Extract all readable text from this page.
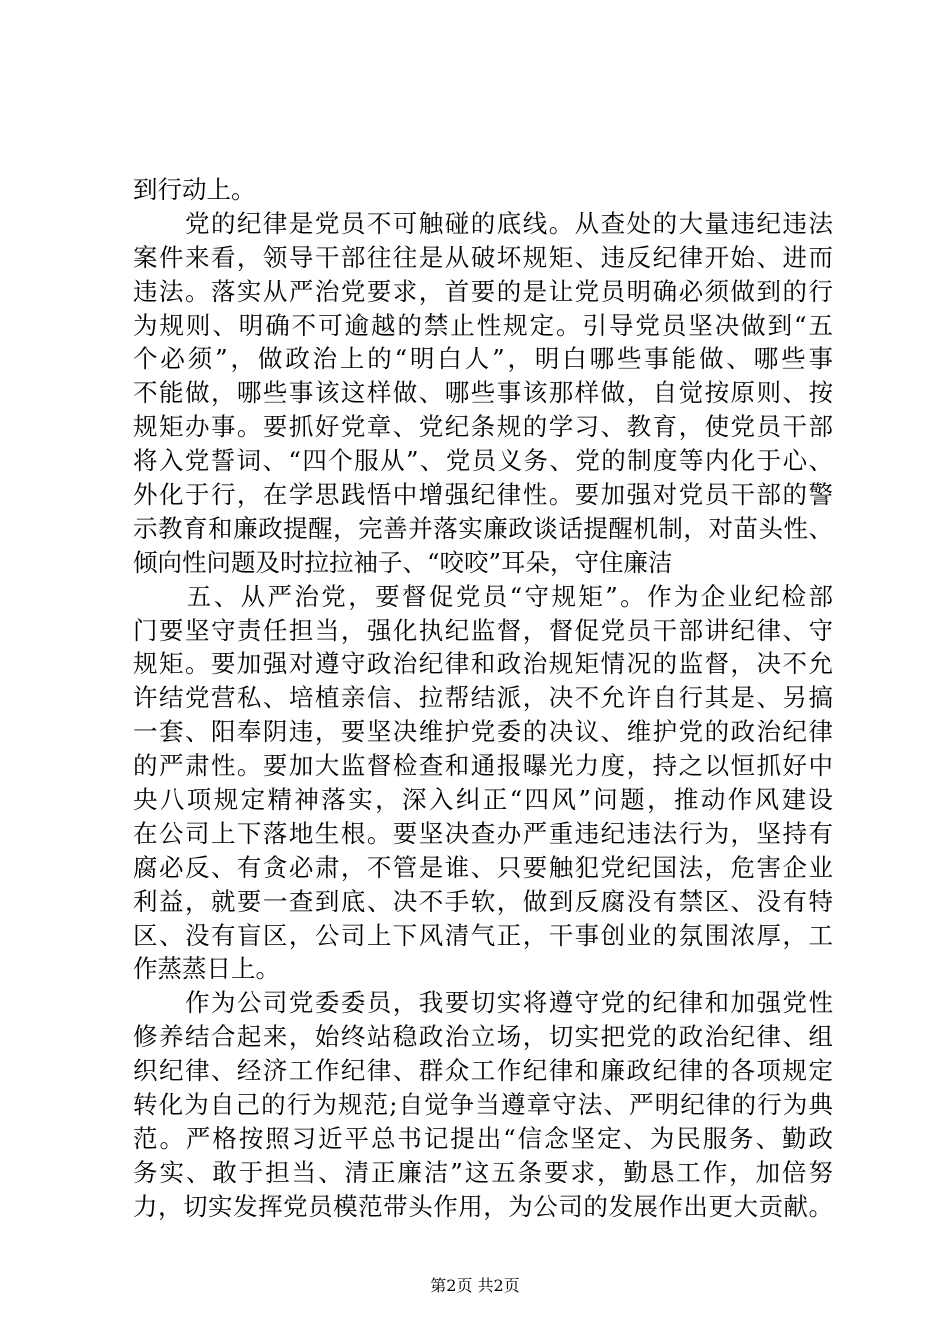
到行动上。
　　党的纪律是党员不可触碰的底线。从查处的大量违纪违法
案件来看，领导干部往往是从破坏规矩、违反纪律开始、进而
违法。落实从严治党要求，首要的是让党员明确必须做到的行
为规则、明确不可逾越的禁止性规定。引导党员坚决做到“五
个必须”，做政治上的“明白人”，明白哪些事能做、哪些事
不能做，哪些事该这样做、哪些事该那样做，自觉按原则、按
规矩办事。要抓好党章、党纪条规的学习、教育，使党员干部
将入党誓词、“四个服从”、党员义务、党的制度等内化于心、
外化于行，在学思践悟中增强纪律性。要加强对党员干部的警
示教育和廉政提醒，完善并落实廉政谈话提醒机制，对苗头性、
倾向性问题及时拉拉袖子、“咬咬”耳朵，守住廉洁
　　五、从严治党，要督促党员“守规矩”。作为企业纪检部
门要坚守责任担当，强化执纪监督，督促党员干部讲纪律、守
规矩。要加强对遵守政治纪律和政治规矩情况的监督，决不允
许结党营私、培植亲信、拉帮结派，决不允许自行其是、另搞
一套、阳奉阴违，要坚决维护党委的决议、维护党的政治纪律
的严肃性。要加大监督检查和通报曝光力度，持之以恒抓好中
央八项规定精神落实，深入纠正“四风”问题，推动作风建设
在公司上下落地生根。要坚决查办严重违纪违法行为，坚持有
腐必反、有贪必肃，不管是谁、只要触犯党纪国法，危害企业
利益，就要一查到底、决不手软，做到反腐没有禁区、没有特
区、没有盲区，公司上下风清气正，干事创业的氛围浓厚，工
作蒸蒸日上。
　　作为公司党委委员，我要切实将遵守党的纪律和加强党性
修养结合起来，始终站稳政治立场，切实把党的政治纪律、组
织纪律、经济工作纪律、群众工作纪律和廉政纪律的各项规定
转化为自己的行为规范;自觉争当遵章守法、严明纪律的行为典
范。严格按照习近平总书记提出“信念坚定、为民服务、勤政
务实、敢于担当、清正廉洁”这五条要求，勤恳工作，加倍努
力，切实发挥党员模范带头作用，为公司的发展作出更大贡献。
第2页 共2页
